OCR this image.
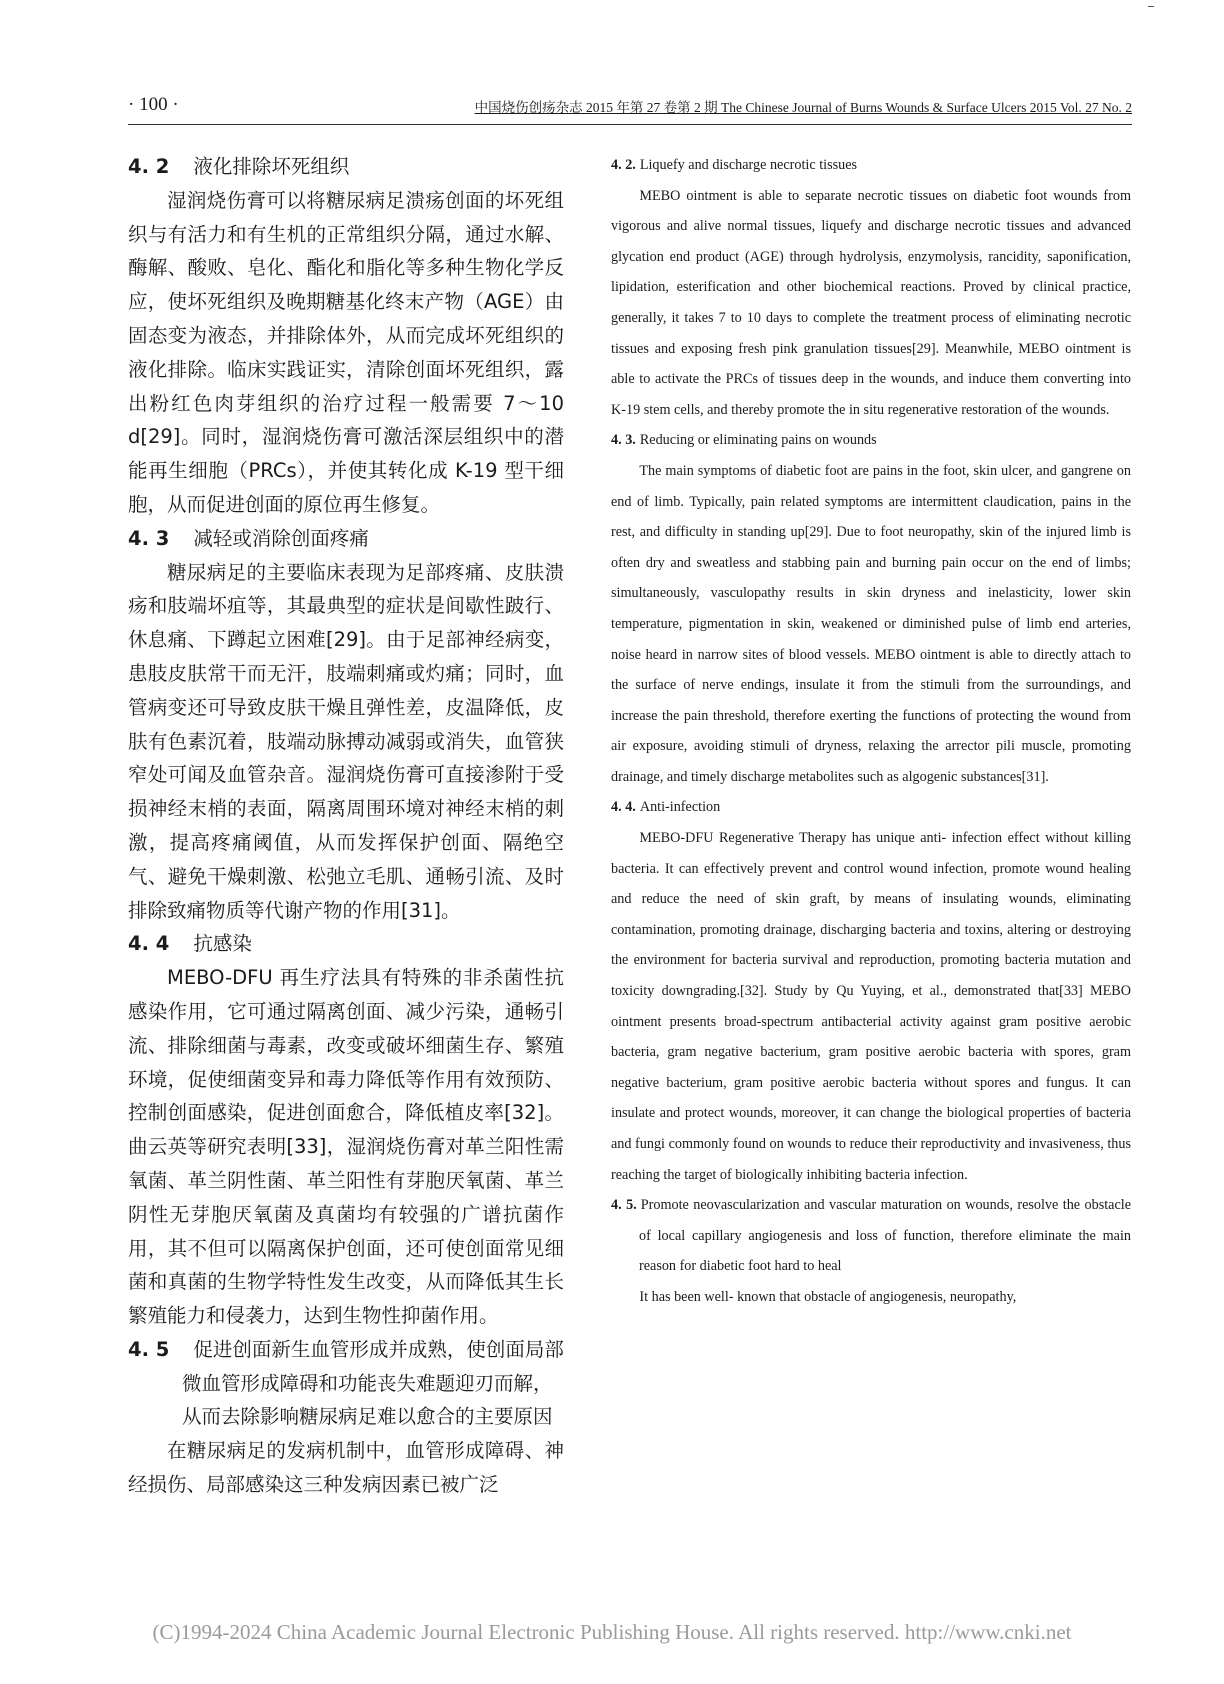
· 100 ·	中国烧伤创疡杂志 2015 年第 27 卷第 2 期 The Chinese Journal of Burns Wounds & Surface Ulcers 2015 Vol. 27 No. 2
4. 2 液化排除坏死组织

湿润烧伤膏可以将糖尿病足溃疡创面的坏死组织与有活力和有生机的正常组织分隔，通过水解、酶解、酸败、皂化、酯化和脂化等多种生物化学反应，使坏死组织及晚期糖基化终末产物（AGE）由固态变为液态，并排除体外，从而完成坏死组织的液化排除。临床实践证实，清除创面坏死组织，露出粉红色肉芽组织的治疗过程一般需要 7～10 d[29]。同时，湿润烧伤膏可激活深层组织中的潜能再生细胞（PRCs），并使其转化成 K-19 型干细胞，从而促进创面的原位再生修复。

4. 3 减轻或消除创面疼痛

糖尿病足的主要临床表现为足部疼痛、皮肤溃疡和肢端坏疽等，其最典型的症状是间歇性跛行、休息痛、下蹲起立困难[29]。由于足部神经病变，患肢皮肤常干而无汗，肢端刺痛或灼痛；同时，血管病变还可导致皮肤干燥且弹性差，皮温降低，皮肤有色素沉着，肢端动脉搏动减弱或消失，血管狭窄处可闻及血管杂音。湿润烧伤膏可直接渗附于受损神经末梢的表面，隔离周围环境对神经末梢的刺激，提高疼痛阈值，从而发挥保护创面、隔绝空气、避免干燥刺激、松弛立毛肌、通畅引流、及时排除致痛物质等代谢产物的作用[31]。

4. 4 抗感染

MEBO-DFU 再生疗法具有特殊的非杀菌性抗感染作用，它可通过隔离创面、减少污染，通畅引流、排除细菌与毒素，改变或破坏细菌生存、繁殖环境，促使细菌变异和毒力降低等作用有效预防、控制创面感染，促进创面愈合，降低植皮率[32]。曲云英等研究表明[33]，湿润烧伤膏对革兰阳性需氧菌、革兰阴性菌、革兰阳性有芽胞厌氧菌、革兰阴性无芽胞厌氧菌及真菌均有较强的广谱抗菌作用，其不但可以隔离保护创面，还可使创面常见细菌和真菌的生物学特性发生改变，从而降低其生长繁殖能力和侵袭力，达到生物性抑菌作用。

4. 5 促进创面新生血管形成并成熟，使创面局部微血管形成障碍和功能丧失难题迎刃而解，从而去除影响糖尿病足难以愈合的主要原因

在糖尿病足的发病机制中，血管形成障碍、神经损伤、局部感染这三种发病因素已被广泛

4. 2. Liquefy and discharge necrotic tissues

MEBO ointment is able to separate necrotic tissues on diabetic foot wounds from vigorous and alive normal tissues, liquefy and discharge necrotic tissues and advanced glycation end product (AGE) through hydrolysis, enzymolysis, rancidity, saponification, lipidation, esterification and other biochemical reactions. Proved by clinical practice, generally, it takes 7 to 10 days to complete the treatment process of eliminating necrotic tissues and exposing fresh pink granulation tissues[29]. Meanwhile, MEBO ointment is able to activate the PRCs of tissues deep in the wounds, and induce them converting into K-19 stem cells, and thereby promote the in situ regenerative restoration of the wounds.

4. 3. Reducing or eliminating pains on wounds

The main symptoms of diabetic foot are pains in the foot, skin ulcer, and gangrene on end of limb. Typically, pain related symptoms are intermittent claudication, pains in the rest, and difficulty in standing up[29]. Due to foot neuropathy, skin of the injured limb is often dry and sweatless and stabbing pain and burning pain occur on the end of limbs; simultaneously, vasculopathy results in skin dryness and inelasticity, lower skin temperature, pigmentation in skin, weakened or diminished pulse of limb end arteries, noise heard in narrow sites of blood vessels. MEBO ointment is able to directly attach to the surface of nerve endings, insulate it from the stimuli from the surroundings, and increase the pain threshold, therefore exerting the functions of protecting the wound from air exposure, avoiding stimuli of dryness, relaxing the arrector pili muscle, promoting drainage, and timely discharge metabolites such as algogenic substances[31].

4. 4. Anti-infection

MEBO-DFU Regenerative Therapy has unique anti- infection effect without killing bacteria. It can effectively prevent and control wound infection, promote wound healing and reduce the need of skin graft, by means of insulating wounds, eliminating contamination, promoting drainage, discharging bacteria and toxins, altering or destroying the environment for bacteria survival and reproduction, promoting bacteria mutation and toxicity downgrading.[32]. Study by Qu Yuying, et al., demonstrated that[33] MEBO ointment presents broad-spectrum antibacterial activity against gram positive aerobic bacteria, gram negative bacterium, gram positive aerobic bacteria with spores, gram negative bacterium, gram positive aerobic bacteria without spores and fungus. It can insulate and protect wounds, moreover, it can change the biological properties of bacteria and fungi commonly found on wounds to reduce their reproductivity and invasiveness, thus reaching the target of biologically inhibiting bacteria infection.

4. 5. Promote neovascularization and vascular maturation on wounds, resolve the obstacle of local capillary angiogenesis and loss of function, therefore eliminate the main reason for diabetic foot hard to heal

It has been well- known that obstacle of angiogenesis, neuropathy,

(C)1994-2024 China Academic Journal Electronic Publishing House. All rights reserved. http://www.cnki.net
